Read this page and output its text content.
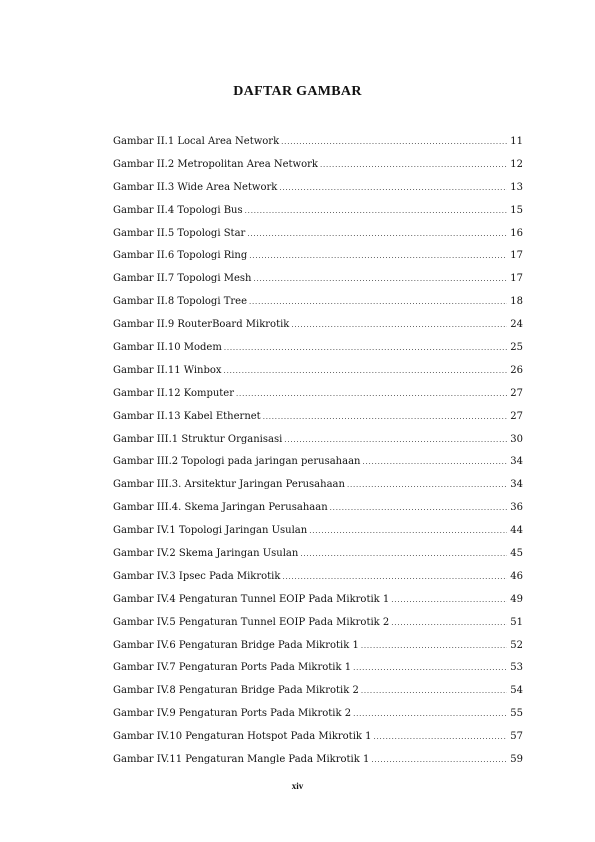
DAFTAR GAMBAR
Gambar II.1 Local Area Network .....	11
Gambar II.2 Metropolitan Area Network .....	12
Gambar II.3 Wide Area Network .....	13
Gambar II.4 Topologi Bus .....	15
Gambar II.5 Topologi Star .....	16
Gambar II.6 Topologi Ring .....	17
Gambar II.7 Topologi Mesh .....	17
Gambar II.8 Topologi Tree .....	18
Gambar II.9 RouterBoard Mikrotik .....	24
Gambar II.10 Modem .....	25
Gambar II.11 Winbox .....	26
Gambar II.12 Komputer .....	27
Gambar II.13 Kabel Ethernet .....	27
Gambar III.1 Struktur Organisasi .....	30
Gambar III.2 Topologi pada jaringan perusahaan .....	34
Gambar III.3. Arsitektur Jaringan Perusahaan .....	34
Gambar III.4. Skema Jaringan Perusahaan .....	36
Gambar IV.1 Topologi Jaringan Usulan .....	44
Gambar IV.2 Skema Jaringan Usulan .....	45
Gambar IV.3 Ipsec Pada Mikrotik .....	46
Gambar IV.4 Pengaturan Tunnel EOIP Pada Mikrotik 1 .....	49
Gambar IV.5 Pengaturan Tunnel EOIP Pada Mikrotik 2 .....	51
Gambar IV.6 Pengaturan Bridge Pada Mikrotik 1 .....	52
Gambar IV.7 Pengaturan Ports Pada Mikrotik 1 .....	53
Gambar IV.8 Pengaturan Bridge Pada Mikrotik 2 .....	54
Gambar IV.9 Pengaturan Ports Pada Mikrotik 2 .....	55
Gambar IV.10 Pengaturan Hotspot Pada Mikrotik 1 .....	57
Gambar IV.11 Pengaturan Mangle Pada Mikrotik 1 .....	59
xiv
